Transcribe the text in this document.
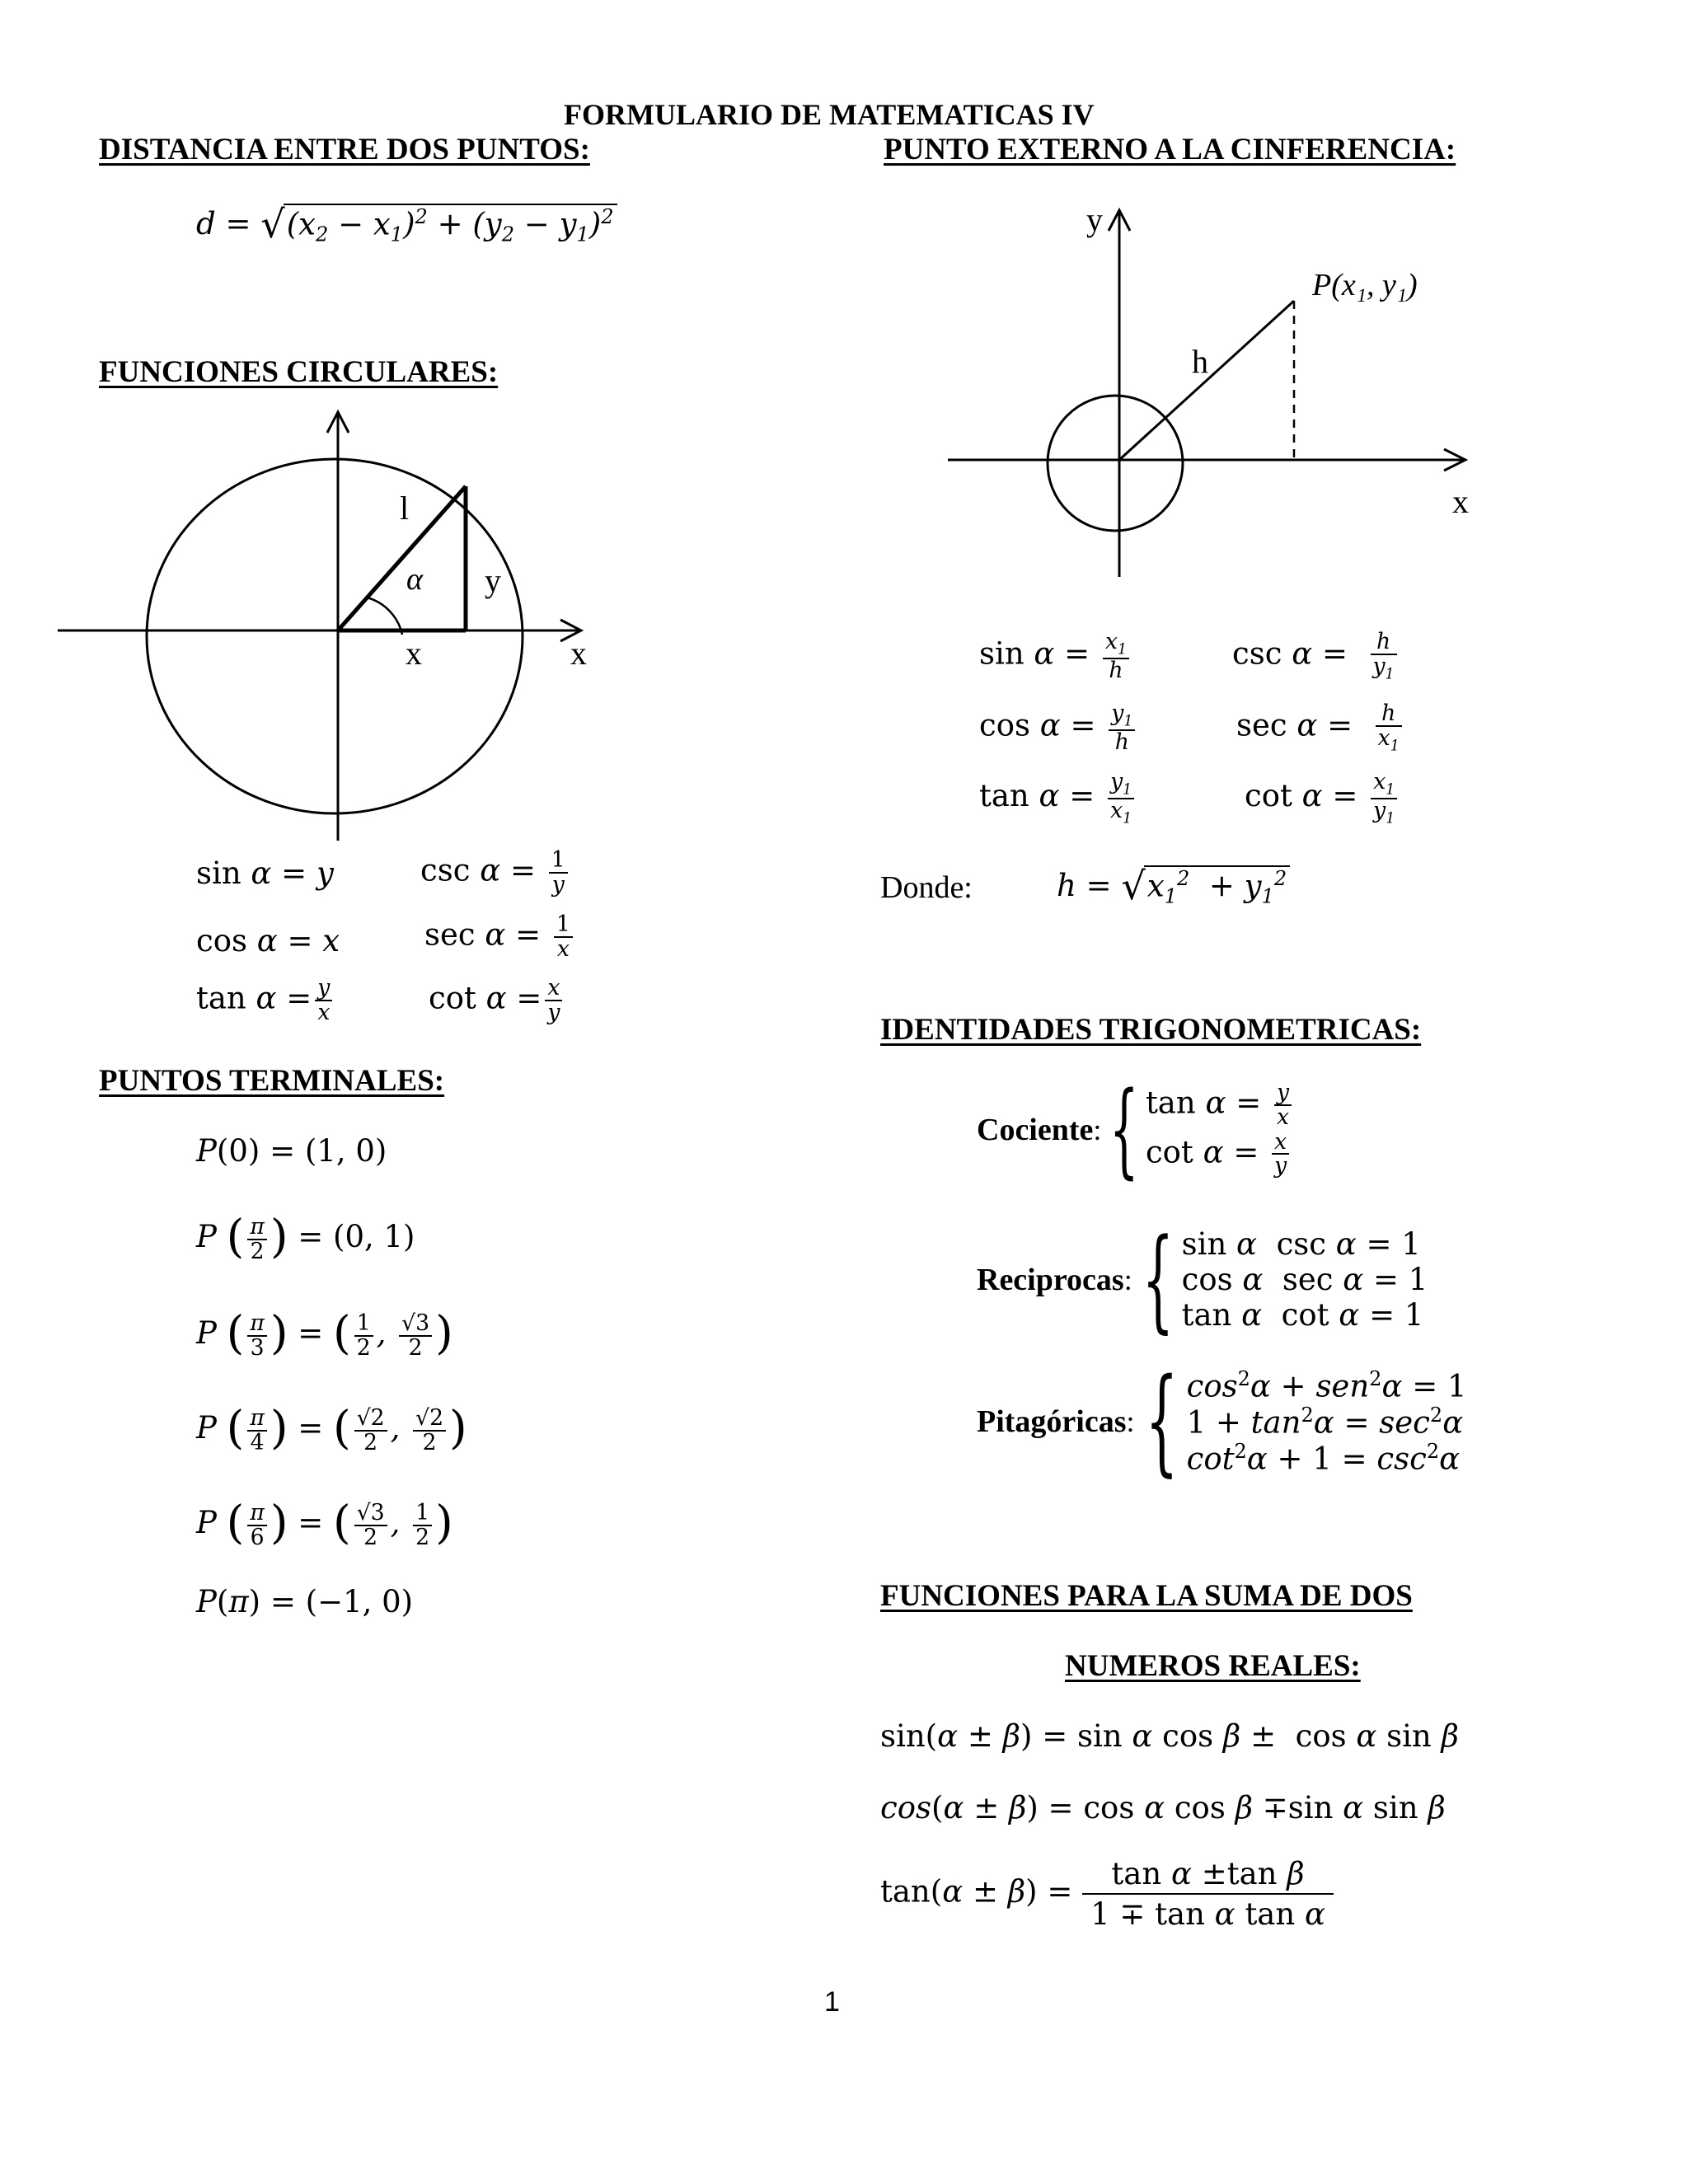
FORMULARIO DE MATEMATICAS IV
DISTANCIA ENTRE DOS PUNTOS:
$d = √(x_2 - x_1)^2 + (y_2 - y_1)^2$
FUNCIONES CIRCULARES:
l
α y
x	x
sin α = y
cos α = x
$\tan \alpha = \frac{y}{x}$
$\csc \alpha = \frac{1}{y}$
$\sec \alpha = \frac{1}{x}$
$\cot \alpha = \frac{x}{y}$
PUNTOS TERMINALES:
P(0) = (1, 0)
P ( $\frac{\pi}{2}$ ) = (0, 1)
P ( $\frac{\pi}{3}$ ) = ( $\frac{1}{2}$ , $\frac{√3}{2}$ )
P ( $\frac{\pi}{4}$ ) = ( $\frac{√2}{2}$ , $\frac{√2}{2}$ )
P ( $\frac{\pi}{6}$ ) = ( $\frac{√3}{2}$ , $\frac{1}{2}$ )
P(π) = (−1, 0)
PUNTO EXTERNO A LA CINFERENCIA:
y
x
h
P(x₁, y₁)
$\sin \alpha = \frac{x_1}{h}$
$\cos \alpha = \frac{y_1}{h}$
$\tan \alpha = \frac{y_1}{x_1}$
$\csc \alpha = \frac{h}{y_1}$
$\sec \alpha = \frac{h}{x_1}$
$\cot \alpha = \frac{x_1}{y_1}$
Donde:	$h = √x_1^2 + y_1^2$
IDENTIDADES TRIGONOMETRICAS:
Cociente : { $\tan \alpha = \frac{y}{x}$
$\cot \alpha = \frac{x}{y}$
Reciprocas : { sin α  csc α = 1
cos α  sec α = 1
tan α  cot α = 1
Pitagóricas : { $\cos^2\alpha + sen^2\alpha = 1$
$1 + \tan^2\alpha = \sec^2\alpha$
$\cot^2\alpha + 1 = \csc^2\alpha$
FUNCIONES PARA LA SUMA DE DOS
NUMEROS REALES:
sin(α ± β) = sin α cos β ±  cos α sin β
cos(α ± β) = cos α cos β ∓sin α sin β
$\tan(\alpha \pm \beta) = \frac{\text{tan α ±tan β}}{\text{1 ∓ tan α tan α}}$
1
